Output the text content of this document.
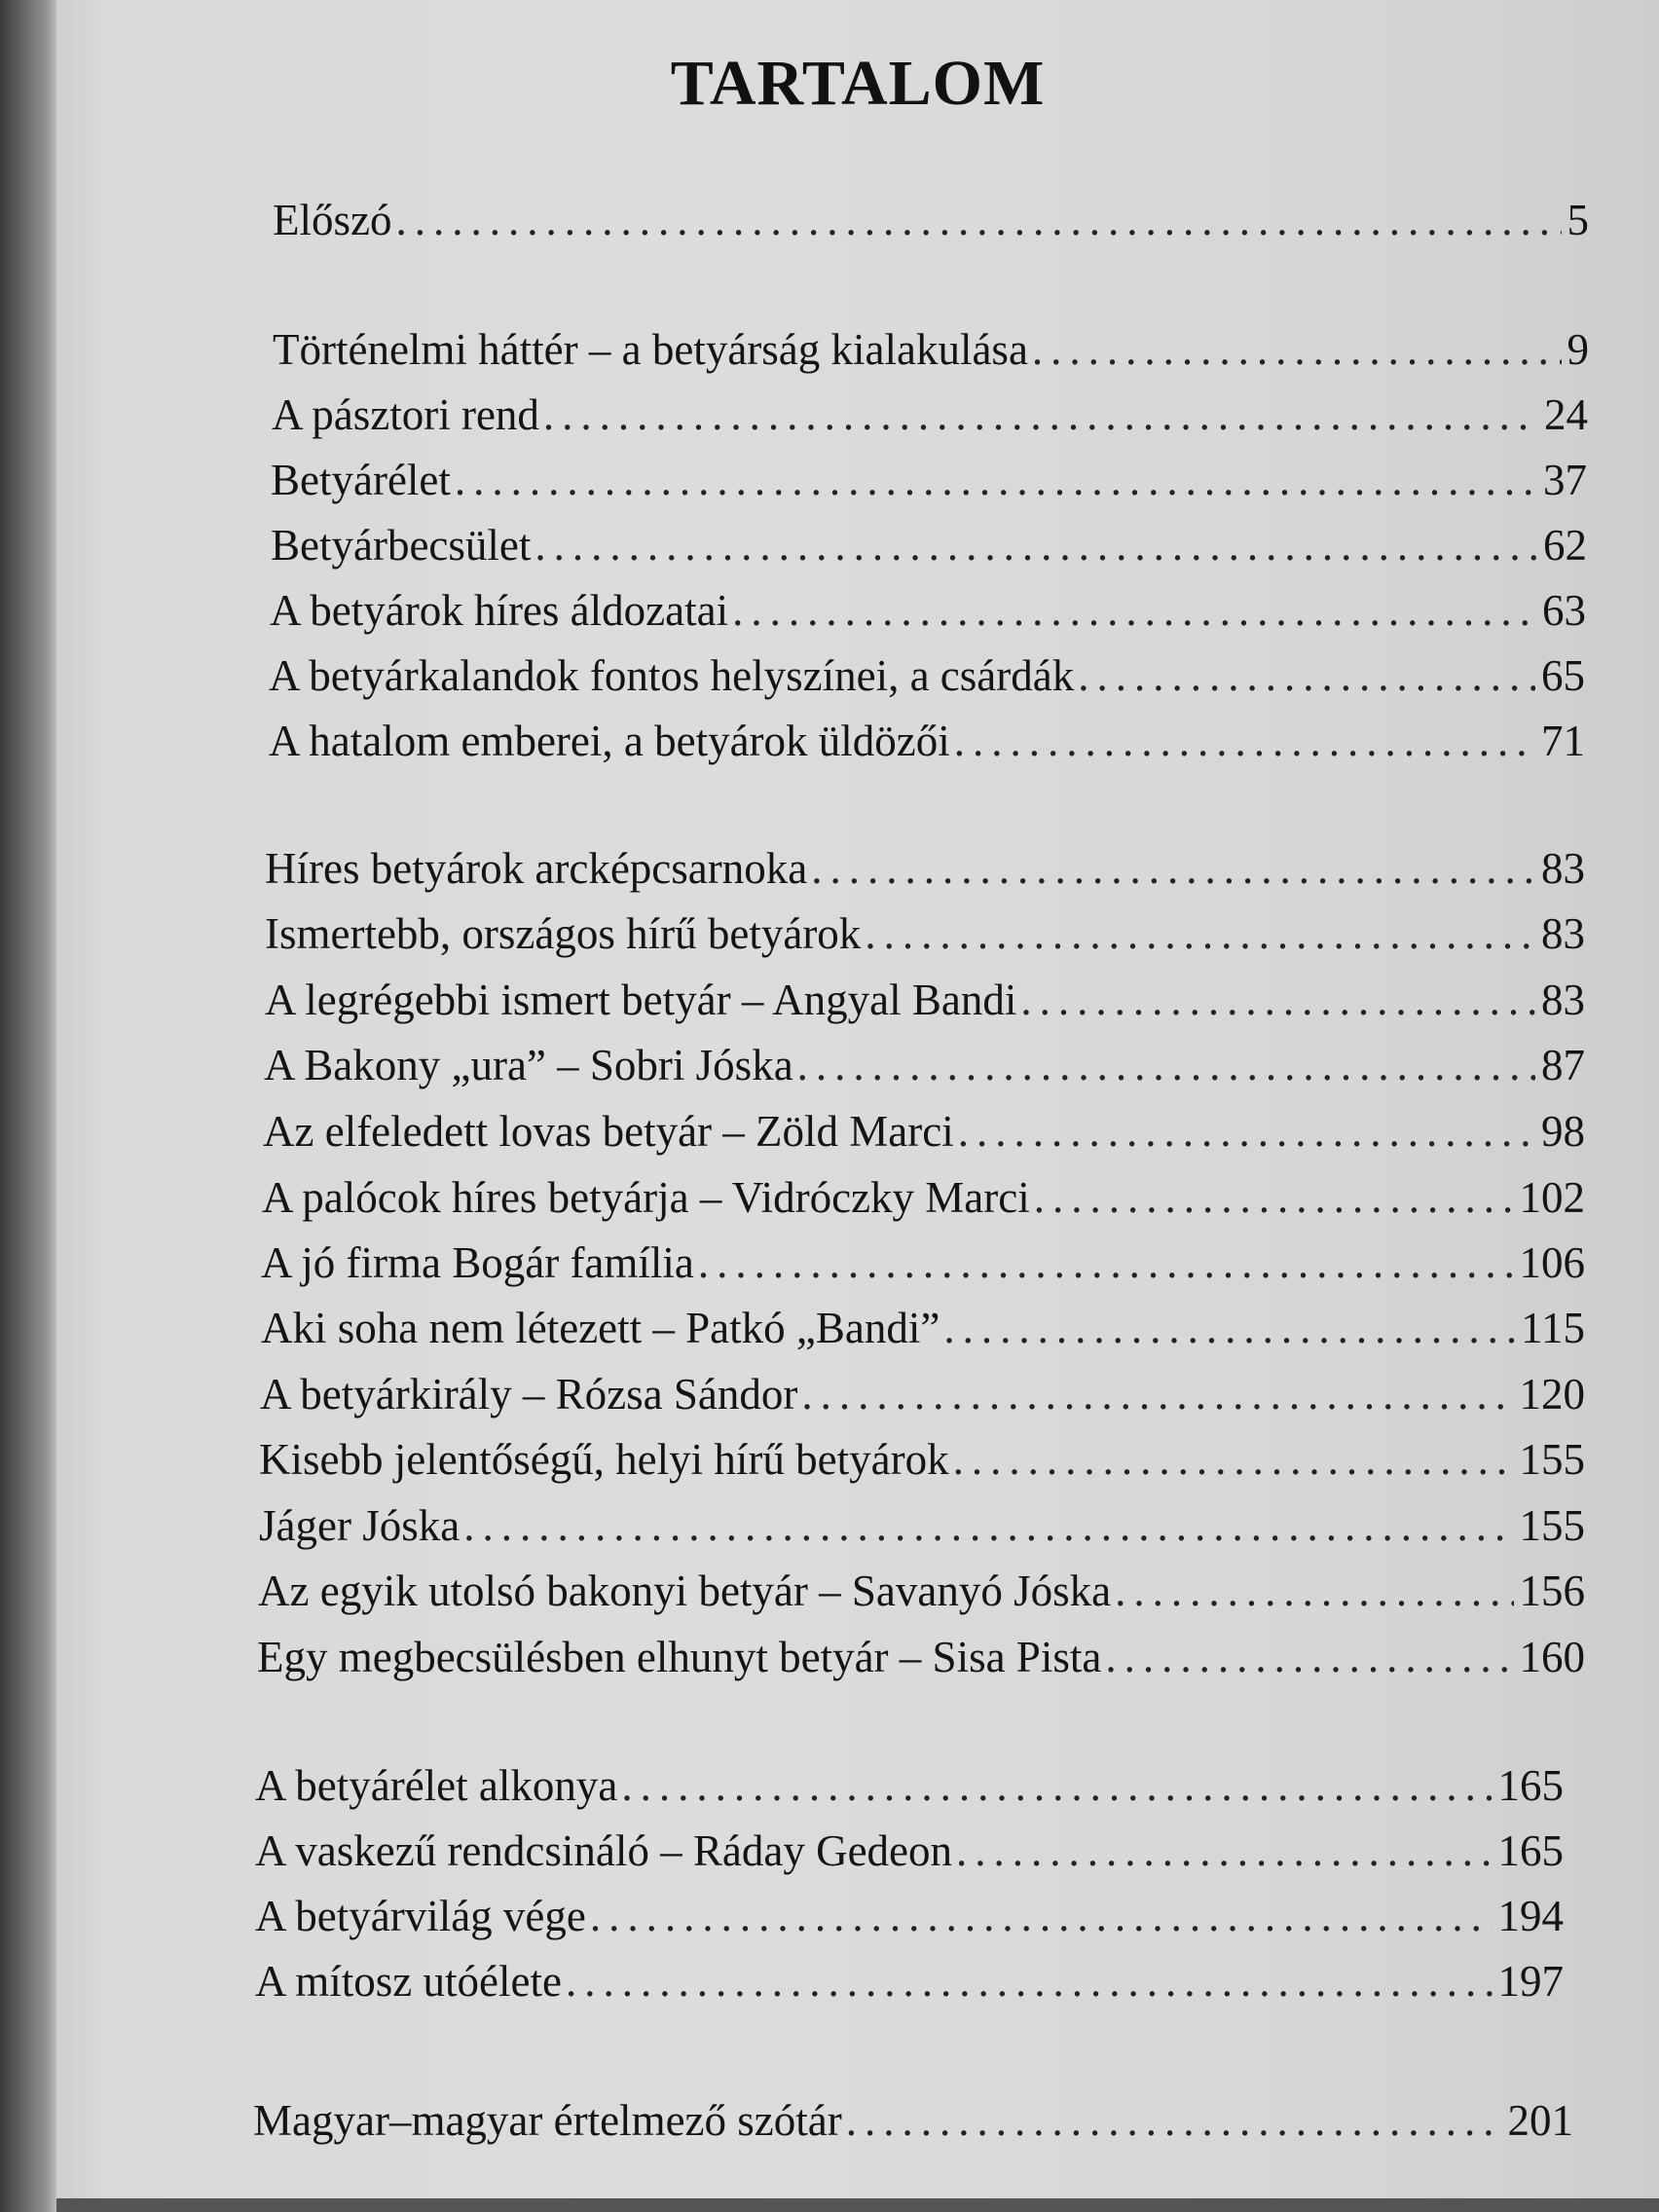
TARTALOM
Előszó .....	5
Történelmi háttér – a betyárság kialakulása .....	9
A pásztori rend .....	24
Betyárélet .....	37
Betyárbecsület .....	62
A betyárok híres áldozatai .....	63
A betyárkalandok fontos helyszínei, a csárdák .....	65
A hatalom emberei, a betyárok üldözői .....	71
Híres betyárok arcképcsarnoka .....	83
Ismertebb, országos hírű betyárok .....	83
A legrégebbi ismert betyár – Angyal Bandi .....	83
A Bakony „ura” – Sobri Jóska .....	87
Az elfeledett lovas betyár – Zöld Marci .....	98
A palócok híres betyárja – Vidróczky Marci .....	102
A jó firma Bogár família .....	106
Aki soha nem létezett – Patkó „Bandi” .....	115
A betyárkirály – Rózsa Sándor .....	120
Kisebb jelentőségű, helyi hírű betyárok .....	155
Jáger Jóska .....	155
Az egyik utolsó bakonyi betyár – Savanyó Jóska .....	156
Egy megbecsülésben elhunyt betyár – Sisa Pista .....	160
A betyárélet alkonya .....	165
A vaskezű rendcsináló – Ráday Gedeon .....	165
A betyárvilág vége .....	194
A mítosz utóélete .....	197
Magyar–magyar értelmező szótár .....	201
